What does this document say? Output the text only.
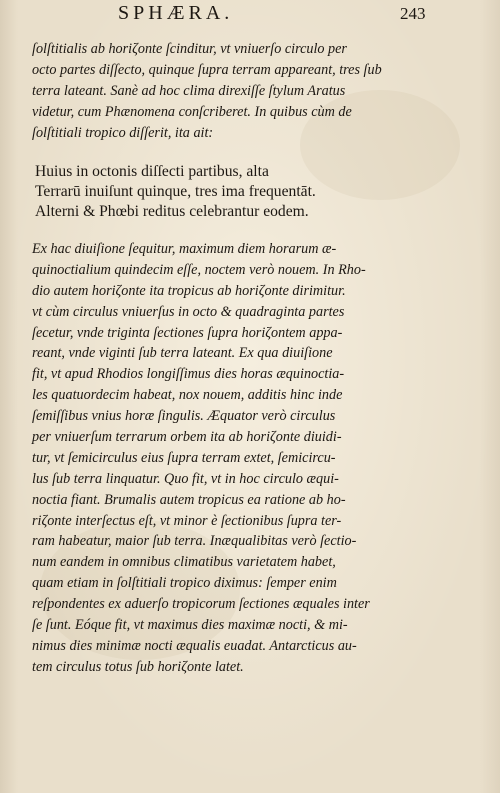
SPHÆRA.	243
ſolſtitialis ab horiζonte ſcinditur, vt vniuerſo circulo per
octo partes diſſecto, quinque ſupra terram appareant, tres ſub
terra lateant. Sanè ad hoc clima direxiſſe ſtylum Aratus
videtur, cum Phænomena conſcriberet. In quibus cùm de
ſolſtitiali tropico diſſerit, ita ait:
Huius in octonis diſſecti partibus, alta
Terrarū inuiſunt quinque, tres ima frequentāt.
Alterni & Phœbi reditus celebrantur eodem.
Ex hac diuiſione ſequitur, maximum diem horarum æ-
quinoctialium quindecim eſſe, noctem verò nouem. In Rho-
dio autem horiζonte ita tropicus ab horiζonte dirimitur.
vt cùm circulus vniuerſus in octo & quadraginta partes
ſecetur, vnde triginta ſectiones ſupra horiζontem appa-
reant, vnde viginti ſub terra lateant. Ex qua diuiſione
fit, vt apud Rhodios longiſſimus dies horas æquinoctia-
les quatuordecim habeat, nox nouem, additis hinc inde
ſemiſſibus vnius horæ ſingulis. Æquator verò circulus
per vniuerſum terrarum orbem ita ab horiζonte diuidi-
tur, vt ſemicirculus eius ſupra terram extet, ſemicircu-
lus ſub terra linquatur. Quo fit, vt in hoc circulo æqui-
noctia fiant. Brumalis autem tropicus ea ratione ab ho-
riζonte interſectus eſt, vt minor è ſectionibus ſupra ter-
ram habeatur, maior ſub terra. Inæqualibitas verò ſectio-
num eandem in omnibus climatibus varietatem habet,
quam etiam in ſolſtitiali tropico diximus: ſemper enim
reſpondentes ex aduerſo tropicorum ſectiones æquales inter
ſe ſunt. Eóque fit, vt maximus dies maximæ nocti, & mi-
nimus dies minimæ nocti æqualis euadat. Antarcticus au-
tem circulus totus ſub horiζonte latet.
